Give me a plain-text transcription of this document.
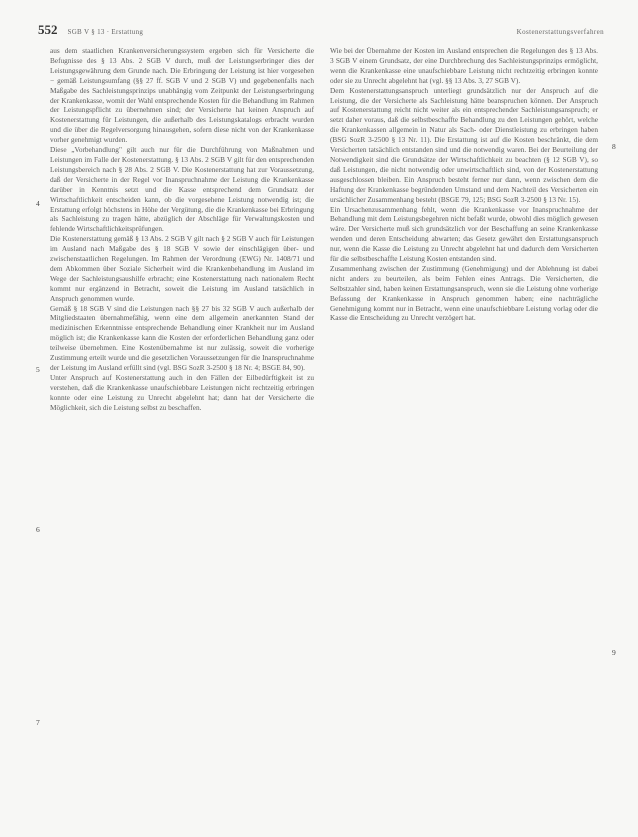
552 SGB V § 13 · Erstattung	Kostenerstattungsverfahren
4
5
6
7
8
9

aus dem staatlichen Krankenversicherungssystem ergeben sich für Versicherte die Befugnisse des § 13 Abs. 2 SGB V durch, muß der Leistungserbringer dies der Leistungsgewährung dem Grunde nach. Die Erbringung der Leistung ist hier vorgesehen − gemäß Leistungsumfang (§§ 27 ff. SGB V und 2 SGB V) und gegebenenfalls nach Maßgabe des Sachleistungsprinzips unabhängig vom Zeitpunkt der Leistungserbringung der Krankenkasse, womit der Wahl entsprechende Kosten für die Behandlung im Rahmen der Leistungspflicht zu übernehmen sind; der Versicherte hat keinen Anspruch auf Kostenerstattung für Leistungen, die außerhalb des Leistungskatalogs erbracht wurden und die über die Regelversorgung hinausgehen, sofern diese nicht von der Krankenkasse vorher genehmigt wurden.

Diese „Vorbehandlung" gilt auch nur für die Durchführung von Maßnahmen und Leistungen im Falle der Kostenerstattung. § 13 Abs. 2 SGB V gilt für den entsprechenden Leistungsbereich nach § 28 Abs. 2 SGB V. Die Kostenerstattung hat zur Voraussetzung, daß der Versicherte in der Regel vor Inanspruchnahme der Leistung die Krankenkasse darüber in Kenntnis setzt und die Kasse entsprechend dem Grundsatz der Wirtschaftlichkeit entscheiden kann, ob die vorgesehene Leistung notwendig ist; die Erstattung erfolgt höchstens in Höhe der Vergütung, die die Krankenkasse bei Erbringung als Sachleistung zu tragen hätte, abzüglich der Abschläge für Verwaltungskosten und fehlende Wirtschaftlichkeitsprüfungen.

Die Kostenerstattung gemäß § 13 Abs. 2 SGB V gilt nach § 2 SGB V auch für Leistungen im Ausland nach Maßgabe des § 18 SGB V sowie der einschlägigen über- und zwischenstaatlichen Regelungen. Im Rahmen der Verordnung (EWG) Nr. 1408/71 und dem Abkommen über Soziale Sicherheit wird die Krankenbehandlung im Ausland im Wege der Sachleistungsaushilfe erbracht; eine Kostenerstattung nach nationalem Recht kommt nur ergänzend in Betracht, soweit die Leistung im Ausland tatsächlich in Anspruch genommen wurde.

Gemäß § 18 SGB V sind die Leistungen nach §§ 27 bis 32 SGB V auch außerhalb der Mitgliedstaaten übernahmefähig, wenn eine dem allgemein anerkannten Stand der medizinischen Erkenntnisse entsprechende Behandlung einer Krankheit nur im Ausland möglich ist; die Krankenkasse kann die Kosten der erforderlichen Behandlung ganz oder teilweise übernehmen. Eine Kostenübernahme ist nur zulässig, soweit die vorherige Zustimmung erteilt wurde und die gesetzlichen Voraussetzungen für die Inanspruchnahme der Leistung im Ausland erfüllt sind (vgl. BSG SozR 3-2500 § 18 Nr. 4; BSGE 84, 90).

Unter Anspruch auf Kostenerstattung auch in den Fällen der Eilbedürftigkeit ist zu verstehen, daß die Krankenkasse unaufschiebbare Leistungen nicht rechtzeitig erbringen konnte oder eine Leistung zu Unrecht abgelehnt hat; dann hat der Versicherte die Möglichkeit, sich die Leistung selbst zu beschaffen.

Wie bei der Übernahme der Kosten im Ausland entsprechen die Regelungen des § 13 Abs. 3 SGB V einem Grundsatz, der eine Durchbrechung des Sachleistungsprinzips ermöglicht, wenn die Krankenkasse eine unaufschiebbare Leistung nicht rechtzeitig erbringen konnte oder sie zu Unrecht abgelehnt hat (vgl. §§ 13 Abs. 3, 27 SGB V).

Dem Kostenerstattungsanspruch unterliegt grundsätzlich nur der Anspruch auf die Leistung, die der Versicherte als Sachleistung hätte beanspruchen können. Der Anspruch auf Kostenerstattung reicht nicht weiter als ein entsprechender Sachleistungsanspruch; er setzt daher voraus, daß die selbstbeschaffte Behandlung zu den Leistungen gehört, welche die Krankenkassen allgemein in Natur als Sach- oder Dienstleistung zu erbringen haben (BSG SozR 3-2500 § 13 Nr. 11). Die Erstattung ist auf die Kosten beschränkt, die dem Versicherten tatsächlich entstanden sind und die notwendig waren. Bei der Beurteilung der Notwendigkeit sind die Grundsätze der Wirtschaftlichkeit zu beachten (§ 12 SGB V), so daß Leistungen, die nicht notwendig oder unwirtschaftlich sind, von der Kostenerstattung ausgeschlossen bleiben. Ein Anspruch besteht ferner nur dann, wenn zwischen dem die Haftung der Krankenkasse begründenden Umstand und dem Nachteil des Versicherten ein ursächlicher Zusammenhang besteht (BSGE 79, 125; BSG SozR 3-2500 § 13 Nr. 15).

Ein Ursachenzusammenhang fehlt, wenn die Krankenkasse vor Inanspruchnahme der Behandlung mit dem Leistungsbegehren nicht befaßt wurde, obwohl dies möglich gewesen wäre. Der Versicherte muß sich grundsätzlich vor der Beschaffung an seine Krankenkasse wenden und deren Entscheidung abwarten; das Gesetz gewährt den Erstattungsanspruch nur, wenn die Kasse die Leistung zu Unrecht abgelehnt hat und dadurch dem Versicherten für die selbstbeschaffte Leistung Kosten entstanden sind.

Zusammenhang zwischen der Zustimmung (Genehmigung) und der Ablehnung ist dabei nicht anders zu beurteilen, als beim Fehlen eines Antrags. Die Versicherten, die Selbstzahler sind, haben keinen Erstattungsanspruch, wenn sie die Leistung ohne vorherige Befassung der Krankenkasse in Anspruch genommen haben; eine nachträgliche Genehmigung kommt nur in Betracht, wenn eine unaufschiebbare Leistung vorlag oder die Kasse die Entscheidung zu Unrecht verzögert hat.
